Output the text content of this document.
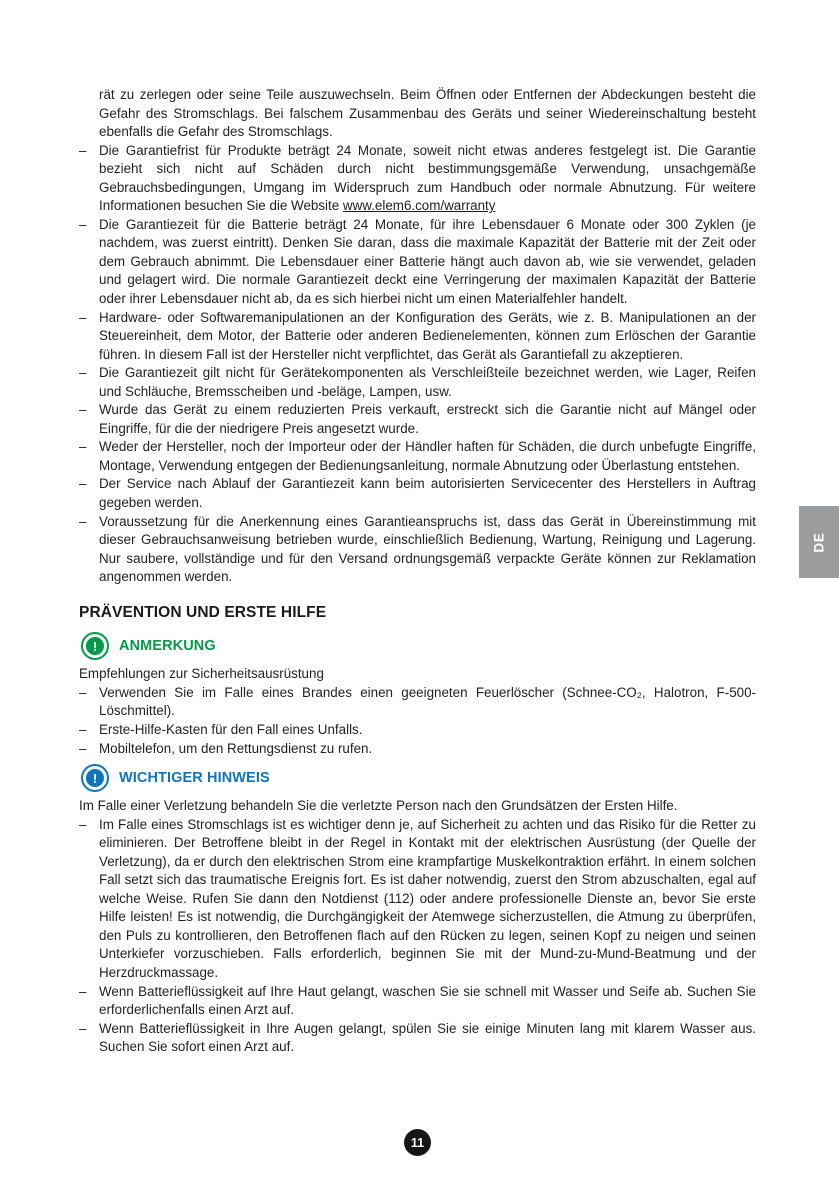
rät zu zerlegen oder seine Teile auszuwechseln. Beim Öffnen oder Entfernen der Abdeckungen besteht die Gefahr des Stromschlags. Bei falschem Zusammenbau des Geräts und seiner Wiedereinschaltung besteht ebenfalls die Gefahr des Stromschlags.

– Die Garantiefrist für Produkte beträgt 24 Monate, soweit nicht etwas anderes festgelegt ist. Die Garantie bezieht sich nicht auf Schäden durch nicht bestimmungsgemäße Verwendung, unsachgemäße Gebrauchsbedingungen, Umgang im Widerspruch zum Handbuch oder normale Abnutzung. Für weitere Informationen besuchen Sie die Website www.elem6.com/warranty
– Die Garantiezeit für die Batterie beträgt 24 Monate, für ihre Lebensdauer 6 Monate oder 300 Zyklen (je nachdem, was zuerst eintritt). Denken Sie daran, dass die maximale Kapazität der Batterie mit der Zeit oder dem Gebrauch abnimmt. Die Lebensdauer einer Batterie hängt auch davon ab, wie sie verwendet, geladen und gelagert wird. Die normale Garantiezeit deckt eine Verringerung der maximalen Kapazität der Batterie oder ihrer Lebensdauer nicht ab, da es sich hierbei nicht um einen Materialfehler handelt.
– Hardware- oder Softwaremanipulationen an der Konfiguration des Geräts, wie z. B. Manipulationen an der Steuereinheit, dem Motor, der Batterie oder anderen Bedienelementen, können zum Erlöschen der Garantie führen. In diesem Fall ist der Hersteller nicht verpflichtet, das Gerät als Garantiefall zu akzeptieren.
– Die Garantiezeit gilt nicht für Gerätekomponenten als Verschleißteile bezeichnet werden, wie Lager, Reifen und Schläuche, Bremsscheiben und -beläge, Lampen, usw.
– Wurde das Gerät zu einem reduzierten Preis verkauft, erstreckt sich die Garantie nicht auf Mängel oder Eingriffe, für die der niedrigere Preis angesetzt wurde.
– Weder der Hersteller, noch der Importeur oder der Händler haften für Schäden, die durch unbefugte Eingriffe, Montage, Verwendung entgegen der Bedienungsanleitung, normale Abnutzung oder Überlastung entstehen.
– Der Service nach Ablauf der Garantiezeit kann beim autorisierten Servicecenter des Herstellers in Auftrag gegeben werden.
– Voraussetzung für die Anerkennung eines Garantieanspruchs ist, dass das Gerät in Übereinstimmung mit dieser Gebrauchsanweisung betrieben wurde, einschließlich Bedienung, Wartung, Reinigung und Lagerung. Nur saubere, vollständige und für den Versand ordnungsgemäß verpackte Geräte können zur Reklamation angenommen werden.
PRÄVENTION UND ERSTE HILFE
!	ANMERKUNG

Empfehlungen zur Sicherheitsausrüstung

– Verwenden Sie im Falle eines Brandes einen geeigneten Feuerlöscher (Schnee-CO₂, Halotron, F-500-Löschmittel).
– Erste-Hilfe-Kasten für den Fall eines Unfalls.
– Mobiltelefon, um den Rettungsdienst zu rufen.
!	WICHTIGER HINWEIS

Im Falle einer Verletzung behandeln Sie die verletzte Person nach den Grundsätzen der Ersten Hilfe.

– Im Falle eines Stromschlags ist es wichtiger denn je, auf Sicherheit zu achten und das Risiko für die Retter zu eliminieren. Der Betroffene bleibt in der Regel in Kontakt mit der elektrischen Ausrüstung (der Quelle der Verletzung), da er durch den elektrischen Strom eine krampfartige Muskelkontraktion erfährt. In einem solchen Fall setzt sich das traumatische Ereignis fort. Es ist daher notwendig, zuerst den Strom abzuschalten, egal auf welche Weise. Rufen Sie dann den Notdienst (112) oder andere professionelle Dienste an, bevor Sie erste Hilfe leisten! Es ist notwendig, die Durchgängigkeit der Atemwege sicherzustellen, die Atmung zu überprüfen, den Puls zu kontrollieren, den Betroffenen flach auf den Rücken zu legen, seinen Kopf zu neigen und seinen Unterkiefer vorzuschieben. Falls erforderlich, beginnen Sie mit der Mund-zu-Mund-Beatmung und der Herzdruckmassage.
– Wenn Batterieflüssigkeit auf Ihre Haut gelangt, waschen Sie sie schnell mit Wasser und Seife ab. Suchen Sie erforderlichenfalls einen Arzt auf.
– Wenn Batterieflüssigkeit in Ihre Augen gelangt, spülen Sie sie einige Minuten lang mit klarem Wasser aus. Suchen Sie sofort einen Arzt auf.
DE
11
